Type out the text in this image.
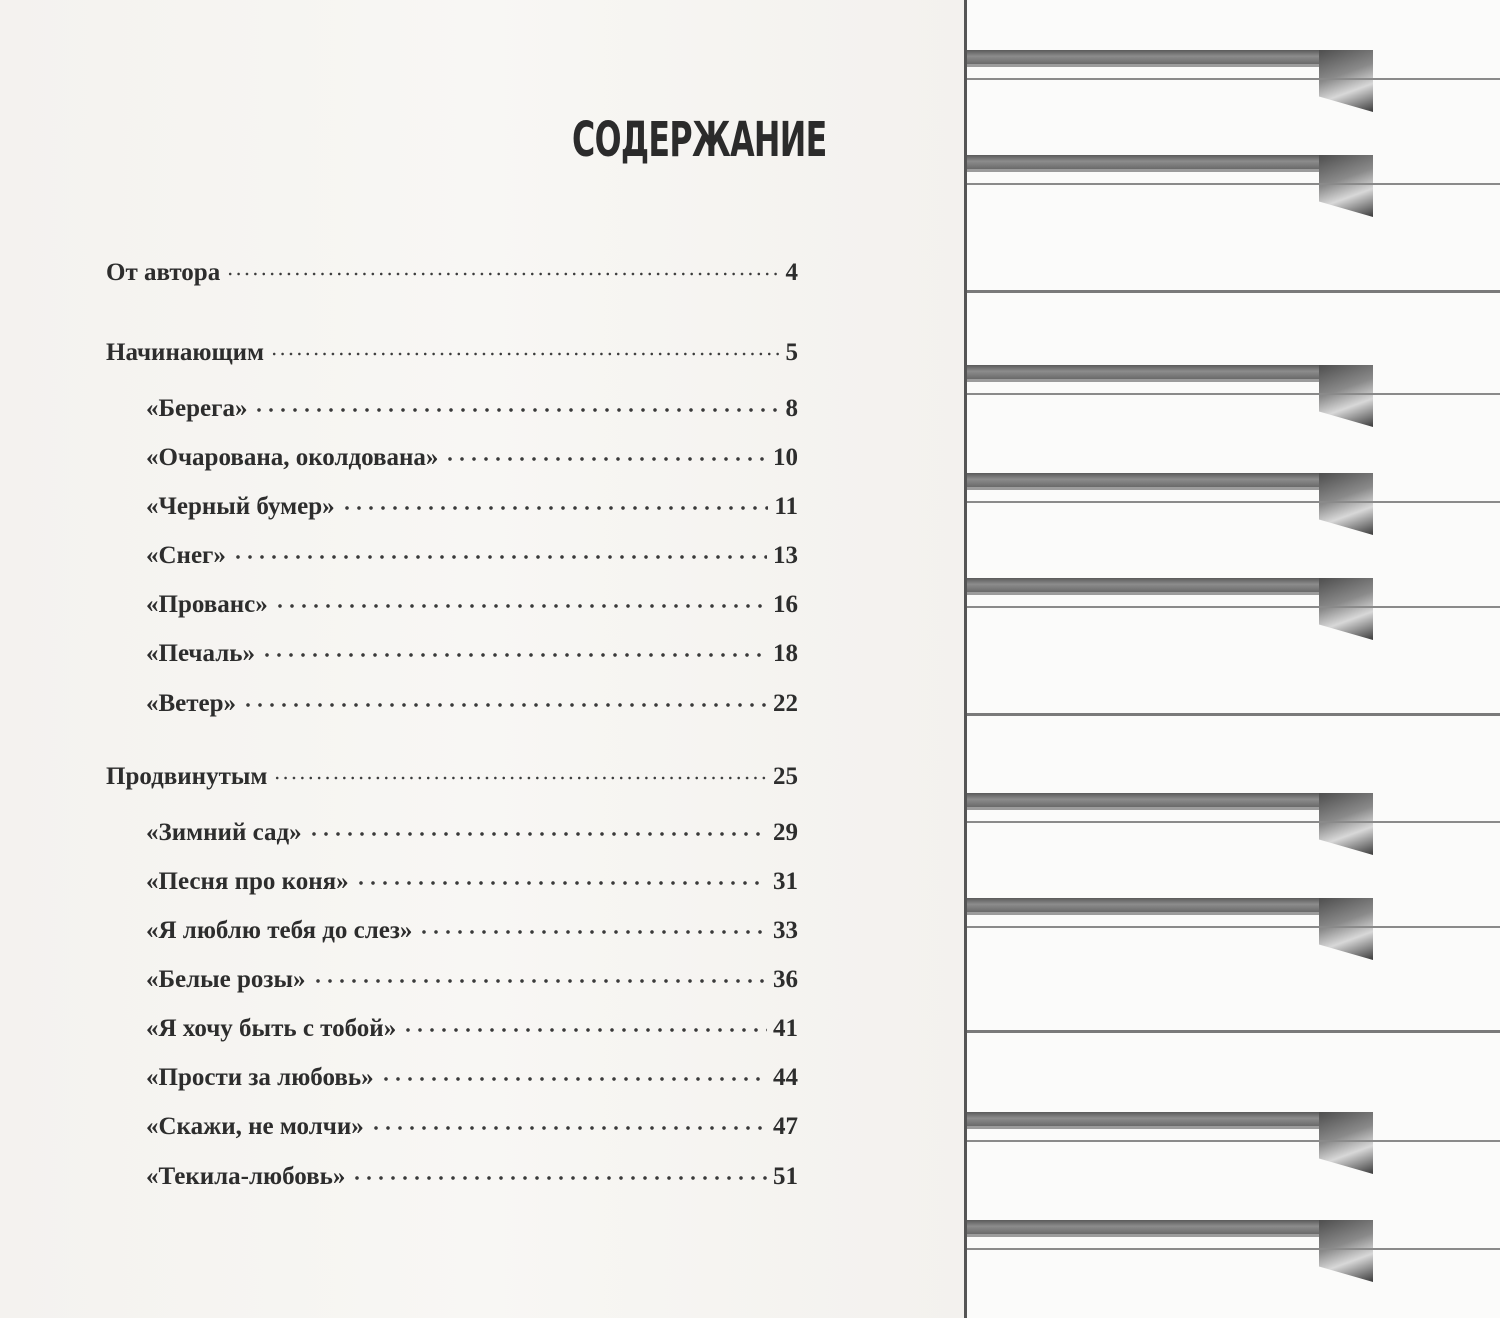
СОДЕРЖАНИЕ
От автора	4
Начинающим	5
«Берега»	8
«Очарована, околдована»	10
«Черный бумер»	11
«Снег»	13
«Прованс»	16
«Печаль»	18
«Ветер»	22
Продвинутым	25
«Зимний сад»	29
«Песня про коня»	31
«Я люблю тебя до слез»	33
«Белые розы»	36
«Я хочу быть с тобой»	41
«Прости за любовь»	44
«Скажи, не молчи»	47
«Текила-любовь»	51
